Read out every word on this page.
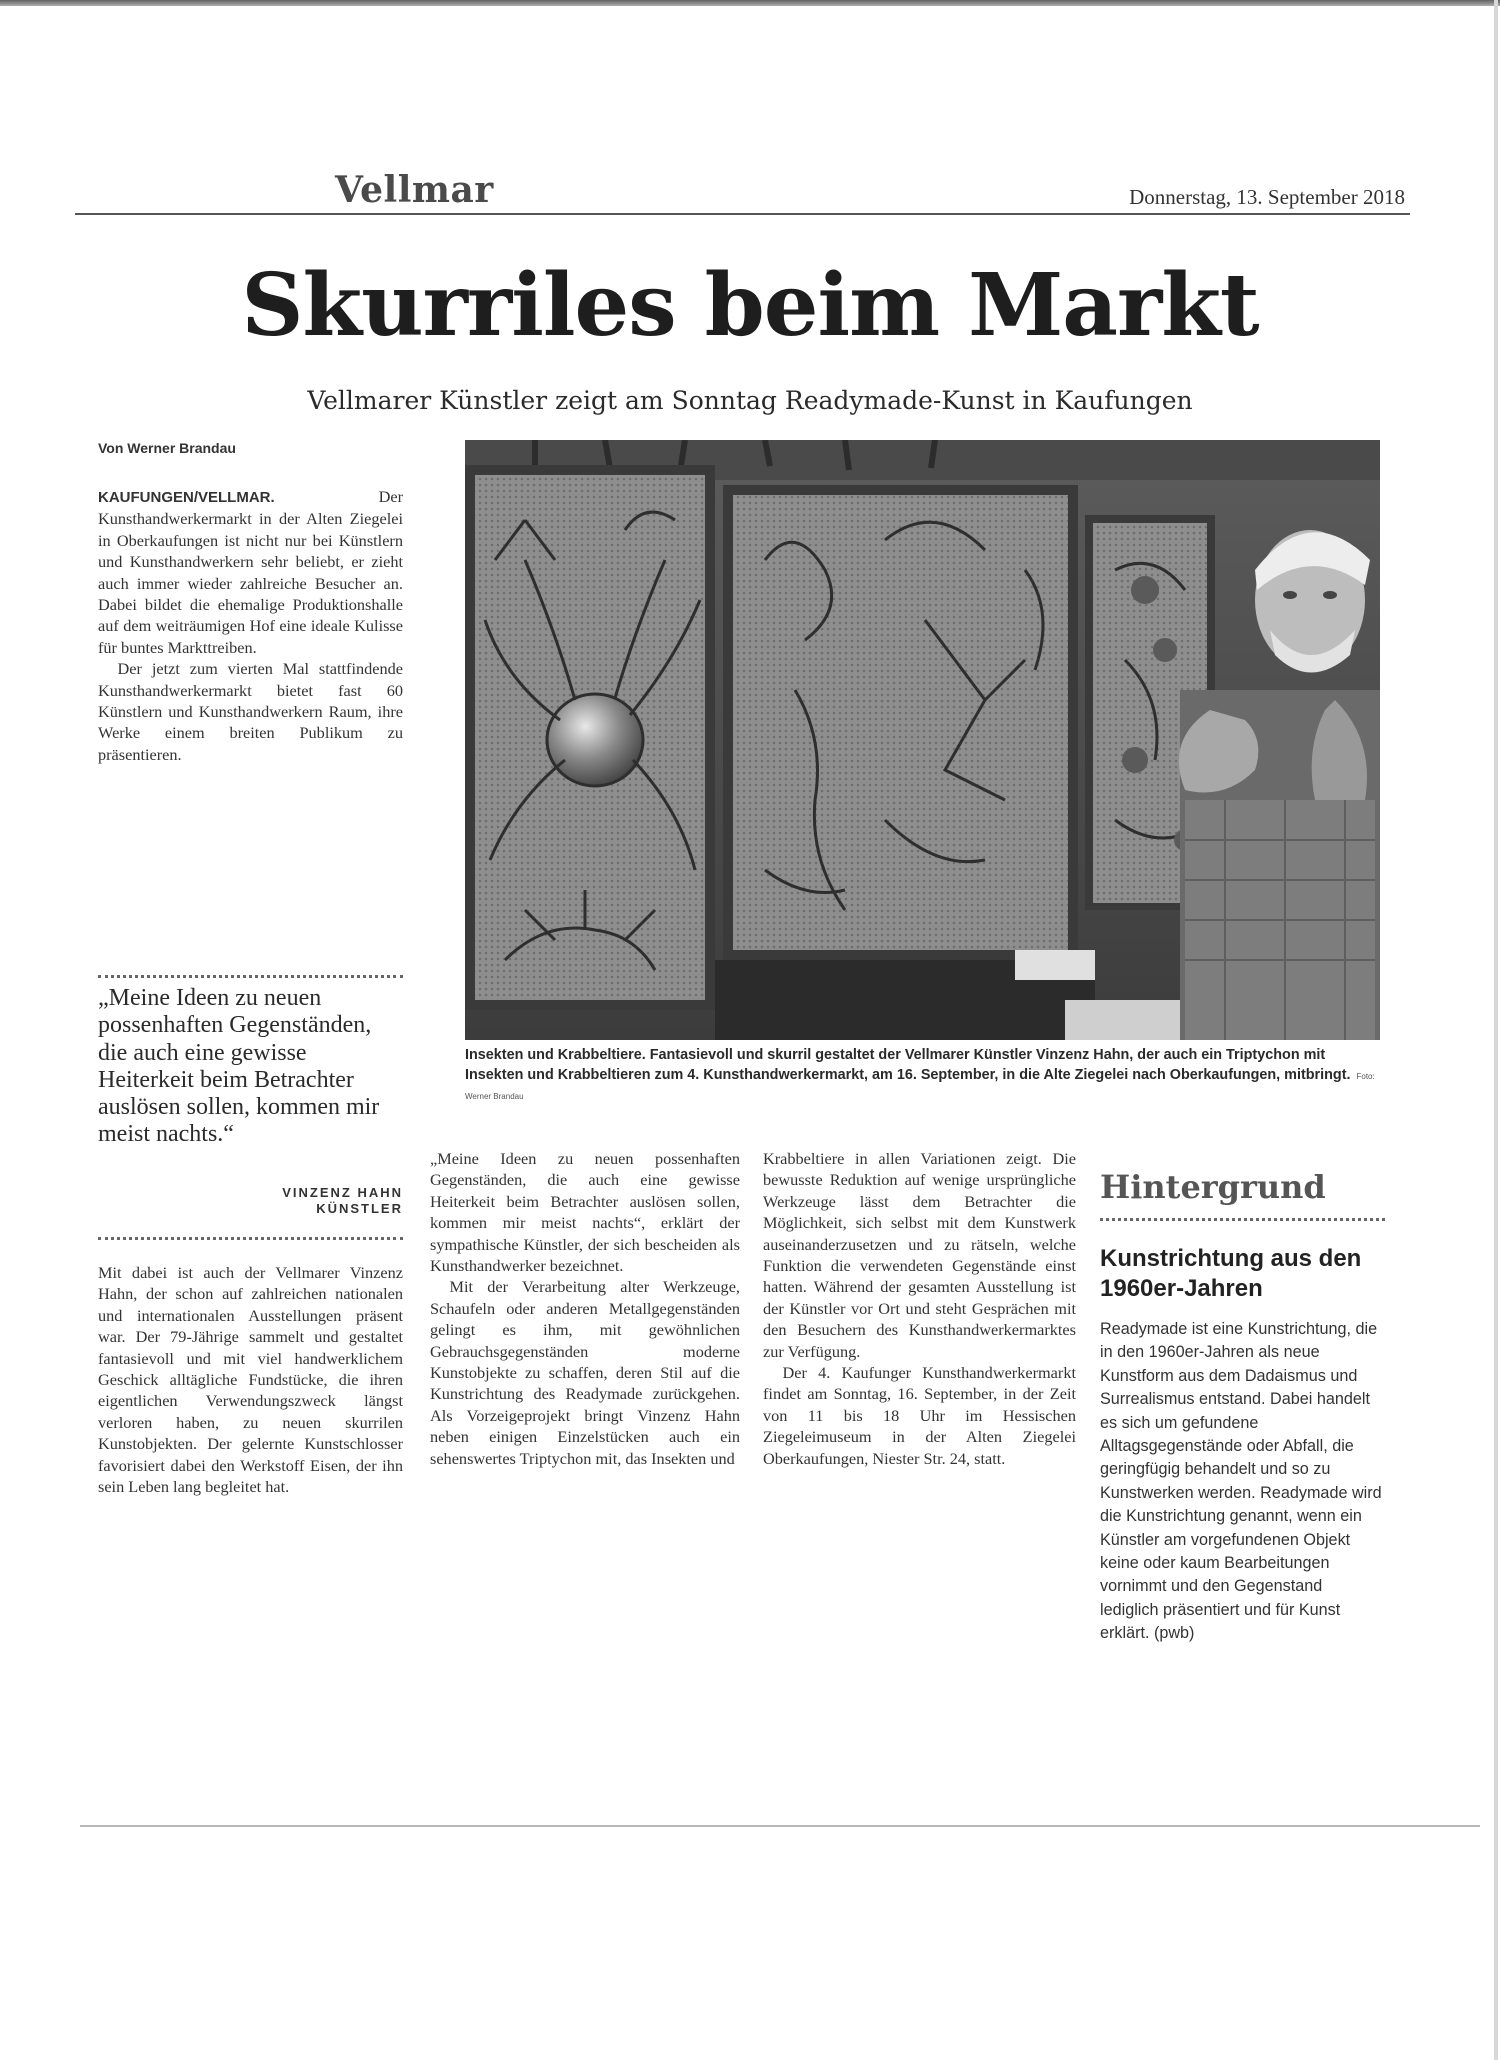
Vellmar	Donnerstag, 13. September 2018
Skurriles beim Markt
Vellmarer Künstler zeigt am Sonntag Readymade-Kunst in Kaufungen
Von Werner Brandau

KAUFUNGEN/VELLMAR.	Der Kunsthandwerkermarkt in der Alten Ziegelei in Oberkaufungen ist nicht nur bei Künstlern und Kunsthandwerkern sehr beliebt, er zieht auch immer wieder zahlreiche Besucher an. Dabei bildet die ehemalige Produktionshalle auf dem weiträumigen Hof eine ideale Kulisse für buntes Markttreiben.

Der jetzt zum vierten Mal stattfindende Kunsthandwerkermarkt bietet fast 60 Künstlern und Kunsthandwerkern Raum, ihre Werke einem breiten Publikum zu präsentieren.

„Meine Ideen zu neuen possenhaften Gegenständen, die auch eine gewisse Heiterkeit beim Betrachter auslösen sollen, kommen mir meist nachts.“
VINZENZ HAHN
KÜNSTLER

Mit dabei ist auch der Vellmarer Vinzenz Hahn, der schon auf zahlreichen nationalen und internationalen Ausstellungen präsent war. Der 79-Jährige sammelt und gestaltet fantasievoll und mit viel handwerklichem Geschick alltägliche Fundstücke, die ihren eigentlichen Verwendungszweck längst verloren haben, zu neuen skurrilen Kunstobjekten. Der gelernte Kunstschlosser favorisiert dabei den Werkstoff Eisen, der ihn sein Leben lang begleitet hat.

Insekten und Krabbeltiere. Fantasievoll und skurril gestaltet der Vellmarer Künstler Vinzenz Hahn, der auch ein Triptychon mit Insekten und Krabbeltieren zum 4. Kunsthandwerkermarkt, am 16. September, in die Alte Ziegelei nach Oberkaufungen, mitbringt. Foto: Werner Brandau

„Meine Ideen zu neuen possenhaften Gegenständen, die auch eine gewisse Heiterkeit beim Betrachter auslösen sollen, kommen mir meist nachts“, erklärt der sympathische Künstler, der sich bescheiden als Kunsthandwerker bezeichnet.

Mit der Verarbeitung alter Werkzeuge, Schaufeln oder anderen Metallgegenständen gelingt es ihm, mit gewöhnlichen Gebrauchsgegenständen moderne Kunstobjekte zu schaffen, deren Stil auf die Kunstrichtung des Readymade zurückgehen. Als Vorzeigeprojekt bringt Vinzenz Hahn neben einigen Einzelstücken auch ein sehenswertes Triptychon mit, das Insekten und

Krabbeltiere in allen Variationen zeigt. Die bewusste Reduktion auf wenige ursprüngliche Werkzeuge lässt dem Betrachter die Möglichkeit, sich selbst mit dem Kunstwerk auseinanderzusetzen und zu rätseln, welche Funktion die verwendeten Gegenstände einst hatten. Während der gesamten Ausstellung ist der Künstler vor Ort und steht Gesprächen mit den Besuchern des Kunsthandwerkermarktes zur Verfügung.

Der 4. Kaufunger Kunsthandwerkermarkt findet am Sonntag, 16. September, in der Zeit von 11 bis 18 Uhr im Hessischen Ziegeleimuseum in der Alten Ziegelei Oberkaufungen, Niester Str. 24, statt.

Hintergrund
Kunstrichtung aus den 1960er-Jahren
Readymade ist eine Kunstrichtung, die in den 1960er-Jahren als neue Kunstform aus dem Dadaismus und Surrealismus entstand. Dabei handelt es sich um gefundene Alltagsgegenstände oder Abfall, die geringfügig behandelt und so zu Kunstwerken werden. Readymade wird die Kunstrichtung genannt, wenn ein Künstler am vorgefundenen Objekt keine oder kaum Bearbeitungen vornimmt und den Gegenstand lediglich präsentiert und für Kunst erklärt. (pwb)
